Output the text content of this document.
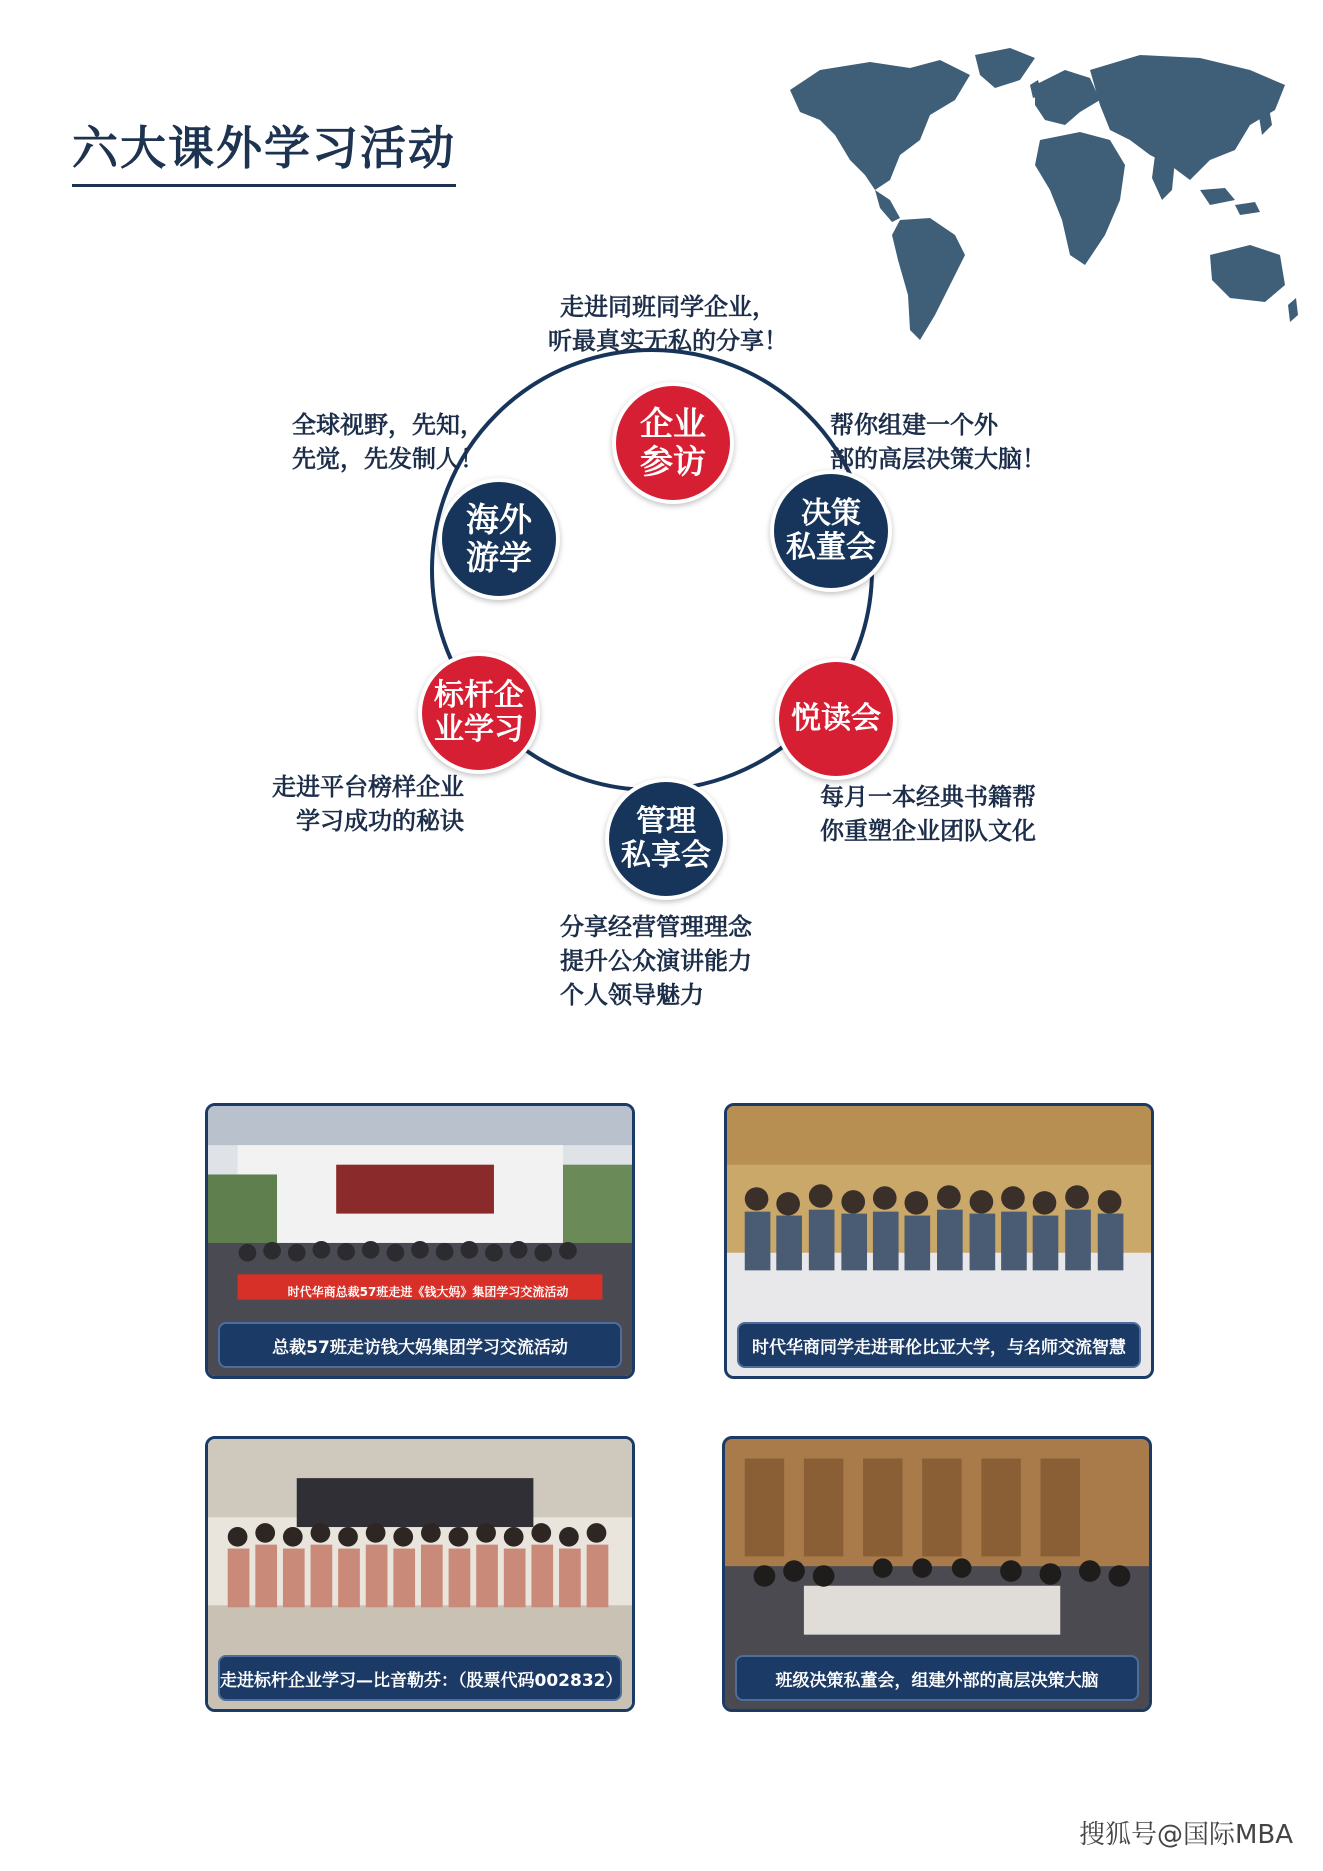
六大课外学习活动
企业
参访
决策
私董会
悦读会
管理
私享会
标杆企
业学习
海外
游学
走进同班同学企业，
听最真实无私的分享！
帮你组建一个外
部的高层决策大脑！
每月一本经典书籍帮
你重塑企业团队文化
分享经营管理理念
提升公众演讲能力
个人领导魅力
走进平台榜样企业
学习成功的秘诀
全球视野，先知，
先觉，先发制人！
时代华商总裁57班走进《钱大妈》集团学习交流活动
总裁57班走访钱大妈集团学习交流活动	时代华商同学走进哥伦比亚大学，与名师交流智慧
走进标杆企业学习—比音勒芬：（股票代码002832）	班级决策私董会，组建外部的高层决策大脑
搜狐号@国际MBA
